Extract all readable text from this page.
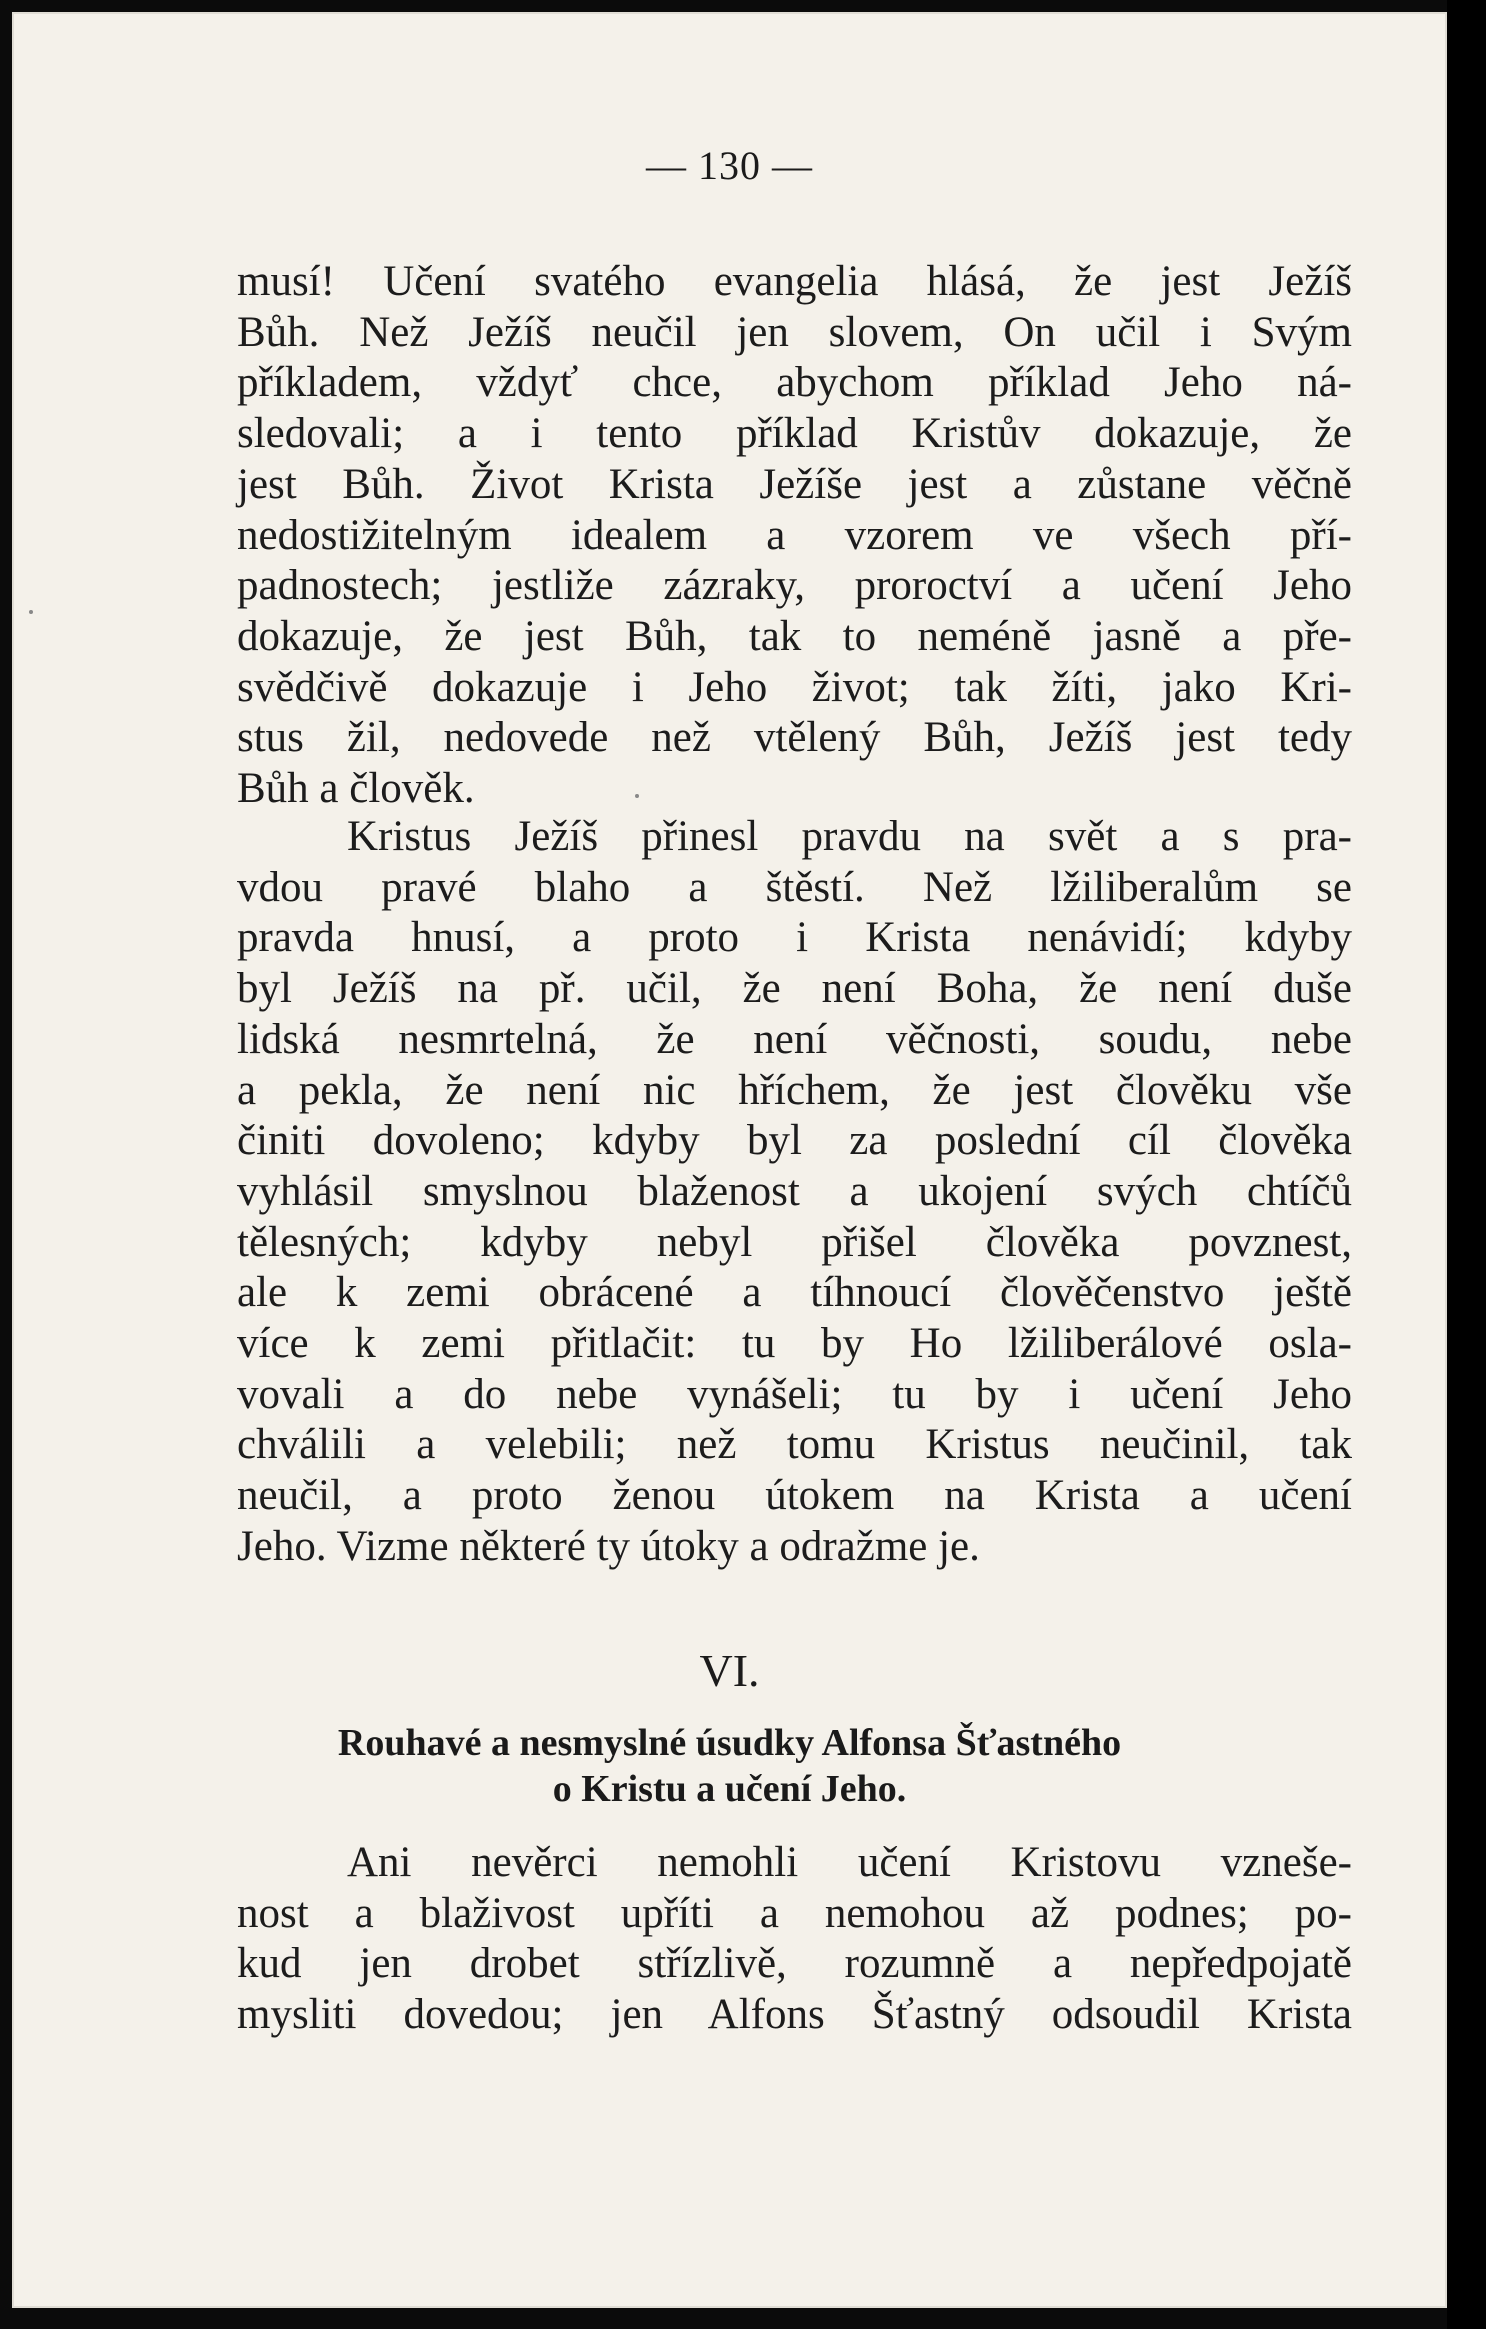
— 130 —
musí! Učení svatého evangelia hlásá, že jest Ježíš
Bůh. Než Ježíš neučil jen slovem, On učil i Svým
příkladem, vždyť chce, abychom příklad Jeho ná-
sledovali; a i tento příklad Kristův dokazuje, že
jest Bůh. Život Krista Ježíše jest a zůstane věčně
nedostižitelným idealem a vzorem ve všech pří-
padnostech; jestliže zázraky, proroctví a učení Jeho
dokazuje, že jest Bůh, tak to neméně jasně a pře-
svědčivě dokazuje i Jeho život; tak žíti, jako Kri-
stus žil, nedovede než vtělený Bůh, Ježíš jest tedy
Bůh a člověk.
Kristus Ježíš přinesl pravdu na svět a s pra-
vdou pravé blaho a štěstí. Než lžiliberalům se
pravda hnusí, a proto i Krista nenávidí; kdyby
byl Ježíš na př. učil, že není Boha, že není duše
lidská nesmrtelná, že není věčnosti, soudu, nebe
a pekla, že není nic hříchem, že jest člověku vše
činiti dovoleno; kdyby byl za poslední cíl člověka
vyhlásil smyslnou blaženost a ukojení svých chtíčů
tělesných; kdyby nebyl přišel člověka povznest,
ale k zemi obrácené a tíhnoucí člověčenstvo ještě
více k zemi přitlačit: tu by Ho lžiliberálové osla-
vovali a do nebe vynášeli; tu by i učení Jeho
chválili a velebili; než tomu Kristus neučinil, tak
neučil, a proto ženou útokem na Krista a učení
Jeho. Vizme některé ty útoky a odražme je.
VI.
Rouhavé a nesmyslné úsudky Alfonsa Šťastného
o Kristu a učení Jeho.
Ani nevěrci nemohli učení Kristovu vzneše-
nost a blaživost upříti a nemohou až podnes; po-
kud jen drobet střízlivě, rozumně a nepředpojatě
mysliti dovedou; jen Alfons Šťastný odsoudil Krista
